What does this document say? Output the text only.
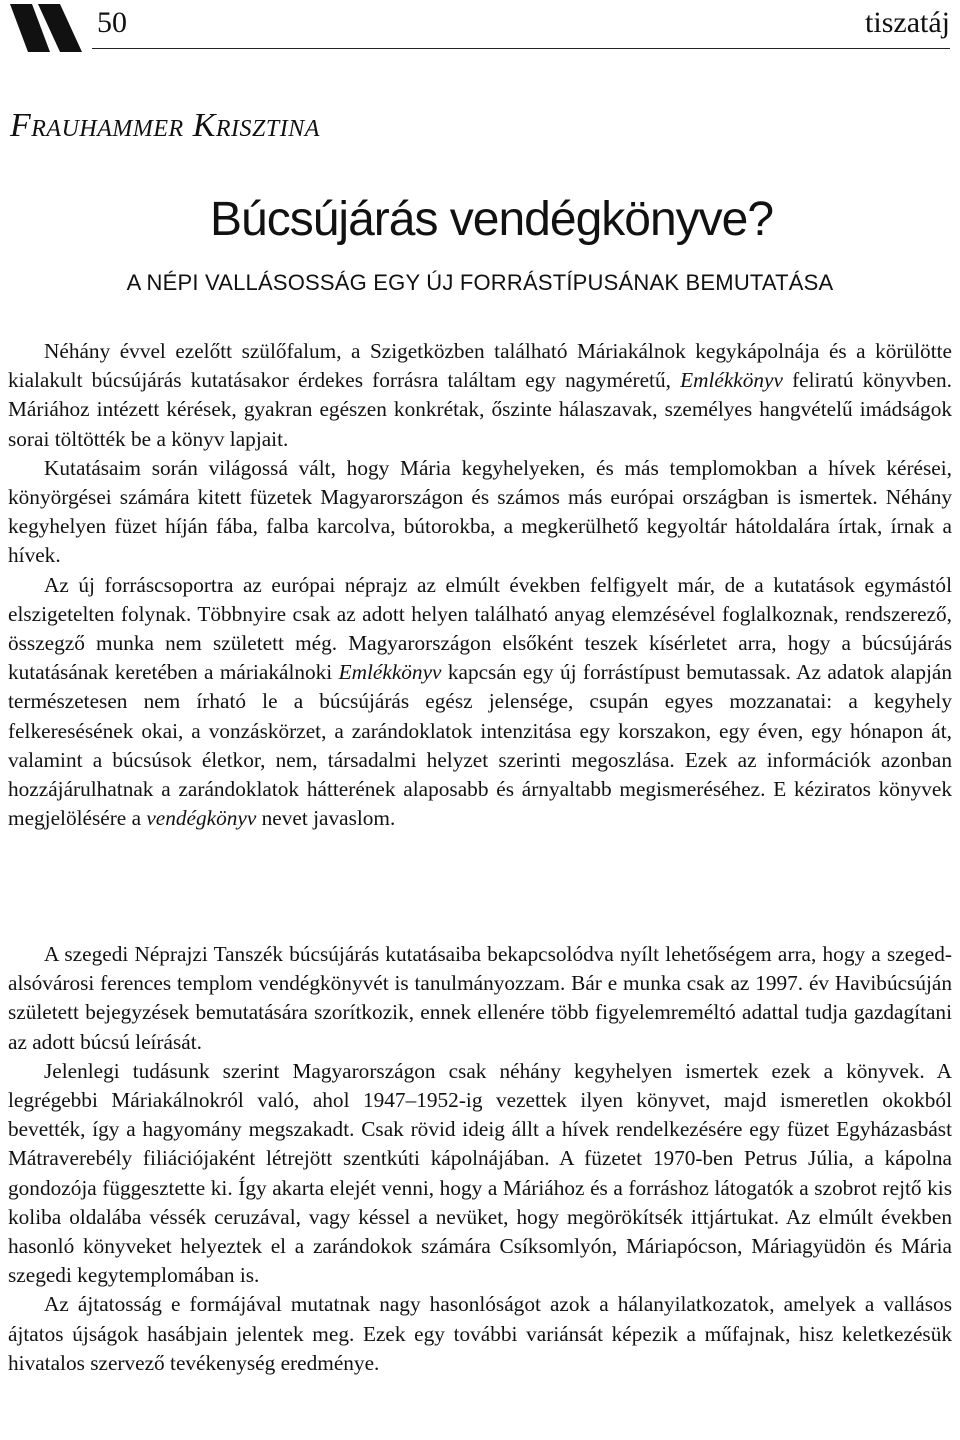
50	tiszatáj
Frauhammer Krisztina
Búcsújárás vendégkönyve?
A NÉPI VALLÁSOSSÁG EGY ÚJ FORRÁSTÍPUSÁNAK BEMUTATÁSA

Néhány évvel ezelőtt szülőfalum, a Szigetközben található Máriakálnok kegykápolnája és a körülötte kialakult búcsújárás kutatásakor érdekes forrásra találtam egy nagyméretű, Emlékkönyv feliratú könyvben. Máriához intézett kérések, gyakran egészen konkrétak, őszinte hálaszavak, személyes hangvételű imádságok sorai töltötték be a könyv lapjait.

Kutatásaim során világossá vált, hogy Mária kegyhelyeken, és más templomokban a hívek kérései, könyörgései számára kitett füzetek Magyarországon és számos más európai országban is ismertek. Néhány kegyhelyen füzet híján fába, falba karcolva, bútorokba, a megkerülhető kegyoltár hátoldalára írtak, írnak a hívek.

Az új forráscsoportra az európai néprajz az elmúlt években felfigyelt már, de a kutatások egymástól elszigetelten folynak. Többnyire csak az adott helyen található anyag elemzésével foglalkoznak, rendszerező, összegző munka nem született még. Magyarországon elsőként teszek kísérletet arra, hogy a búcsújárás kutatásának keretében a máriakálnoki Emlékkönyv kapcsán egy új forrástípust bemutassak. Az adatok alapján természetesen nem írható le a búcsújárás egész jelensége, csupán egyes mozzanatai: a kegyhely felkeresésének okai, a vonzáskörzet, a zarándoklatok intenzitása egy korszakon, egy éven, egy hónapon át, valamint a búcsúsok életkor, nem, társadalmi helyzet szerinti megoszlása. Ezek az információk azonban hozzájárulhatnak a zarándoklatok hátterének alaposabb és árnyaltabb megismeréséhez. E kéziratos könyvek megjelölésére a vendégkönyv nevet javaslom.

A szegedi Néprajzi Tanszék búcsújárás kutatásaiba bekapcsolódva nyílt lehetőségem arra, hogy a szeged-alsóvárosi ferences templom vendégkönyvét is tanulmányozzam. Bár e munka csak az 1997. év Havibúcsúján született bejegyzések bemutatására szorítkozik, ennek ellenére több figyelemreméltó adattal tudja gazdagítani az adott búcsú leírását.

Jelenlegi tudásunk szerint Magyarországon csak néhány kegyhelyen ismertek ezek a könyvek. A legrégebbi Máriakálnokról való, ahol 1947–1952-ig vezettek ilyen könyvet, majd ismeretlen okokból bevették, így a hagyomány megszakadt. Csak rövid ideig állt a hívek rendelkezésére egy füzet Egyházasbást Mátraverebély filiációjaként létrejött szentkúti kápolnájában. A füzetet 1970-ben Petrus Júlia, a kápolna gondozója függesztette ki. Így akarta elejét venni, hogy a Máriához és a forráshoz látogatók a szobrot rejtő kis koliba oldalába véssék ceruzával, vagy késsel a nevüket, hogy megörökítsék ittjártukat. Az elmúlt években hasonló könyveket helyeztek el a zarándokok számára Csíksomlyón, Máriapócson, Máriagyüdön és Mária szegedi kegytemplomában is.

Az ájtatosság e formájával mutatnak nagy hasonlóságot azok a hálanyilatkozatok, amelyek a vallásos ájtatos újságok hasábjain jelentek meg. Ezek egy további variánsát képezik a műfajnak, hisz keletkezésük hivatalos szervező tevékenység eredménye.
